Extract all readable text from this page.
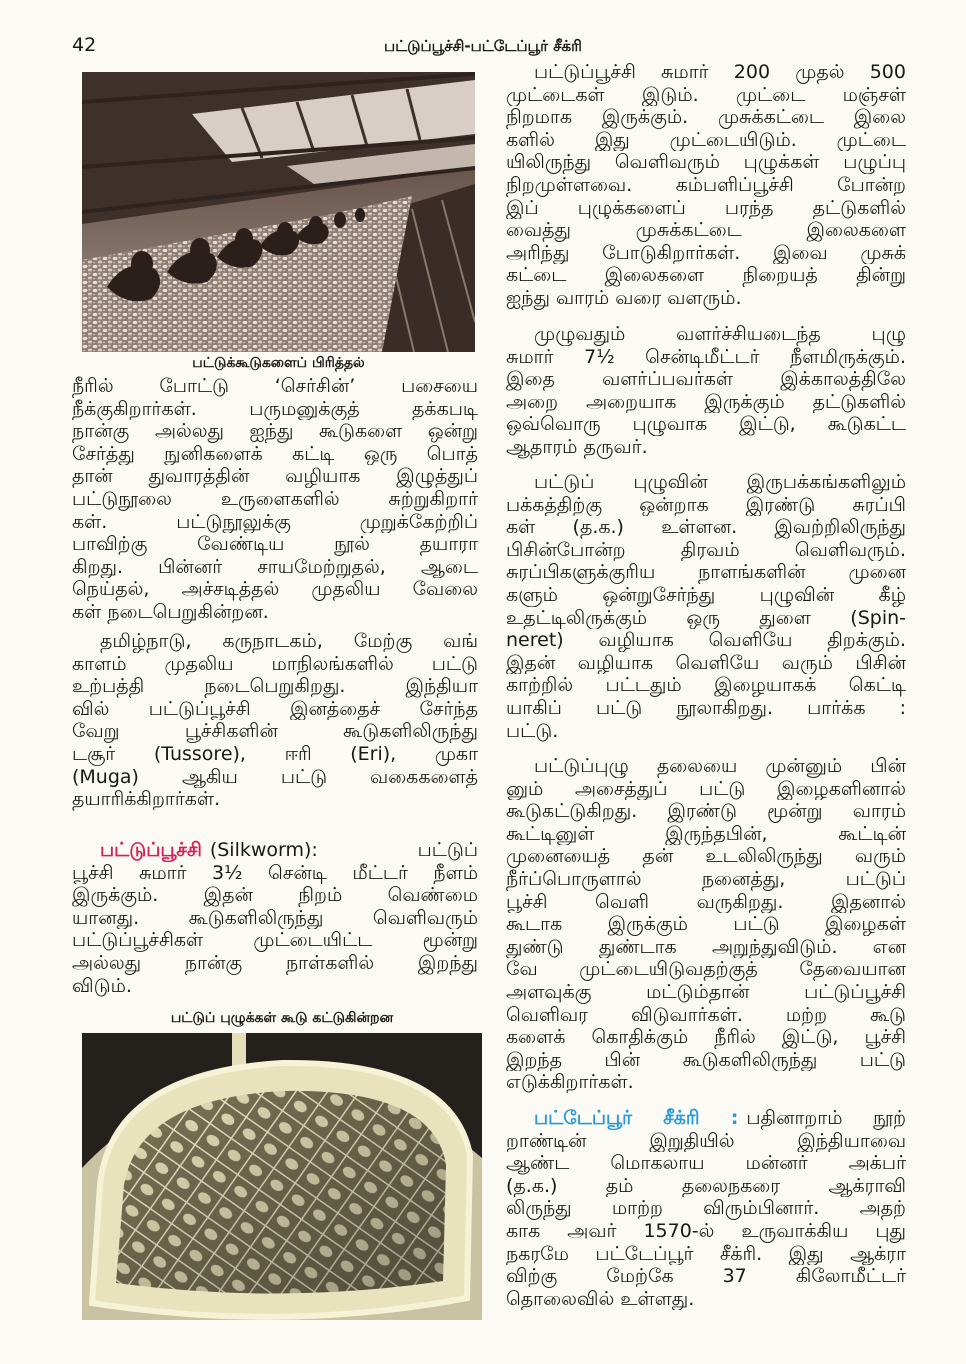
42	பட்டுப்பூச்சி-பட்டேப்பூர் சீக்ரி
பட்டுக்கூடுகளைப் பிரித்தல்
நீரில் போட்டு ‘செர்சின்’ பசையை
நீக்குகிறார்கள். பருமனுக்குத் தக்கபடி
நான்கு அல்லது ஐந்து கூடுகளை ஒன்று
சேர்த்து நுனிகளைக் கட்டி ஒரு பொத்
தான் துவாரத்தின் வழியாக இழுத்துப்
பட்டுநூலை உருளைகளில் சுற்றுகிறார்
கள். பட்டுநூலுக்கு முறுக்கேற்றிப்
பாவிற்கு வேண்டிய நூல் தயாரா
கிறது. பின்னர் சாயமேற்றுதல், ஆடை
நெய்தல், அச்சடித்தல் முதலிய வேலை
கள் நடைபெறுகின்றன.
தமிழ்நாடு, கருநாடகம், மேற்கு வங்
காளம் முதலிய மாநிலங்களில் பட்டு
உற்பத்தி நடைபெறுகிறது. இந்தியா
வில் பட்டுப்பூச்சி இனத்தைச் சேர்ந்த
வேறு பூச்சிகளின் கூடுகளிலிருந்து
டசூர் (Tussore), ஈரி (Eri), முகா
(Muga) ஆகிய பட்டு வகைகளைத்
தயாரிக்கிறார்கள்.
பட்டுப்பூச்சி (Silkworm): பட்டுப்
பூச்சி சுமார் 3½ சென்டி மீட்டர் நீளம்
இருக்கும். இதன் நிறம் வெண்மை
யானது. கூடுகளிலிருந்து வெளிவரும்
பட்டுப்பூச்சிகள் முட்டையிட்ட மூன்று
அல்லது நான்கு நாள்களில் இறந்து
விடும்.
பட்டுப் புழுக்கள் கூடு கட்டுகின்றன
பட்டுப்பூச்சி சுமார் 200 முதல் 500
முட்டைகள் இடும். முட்டை மஞ்சள்
நிறமாக இருக்கும். முசுக்கட்டை இலை
களில் இது முட்டையிடும். முட்டை
யிலிருந்து வெளிவரும் புழுக்கள் பழுப்பு
நிறமுள்ளவை. கம்பளிப்பூச்சி போன்ற
இப் புழுக்களைப் பரந்த தட்டுகளில்
வைத்து முசுக்கட்டை இலைகளை
அரிந்து போடுகிறார்கள். இவை முசுக்
கட்டை இலைகளை நிறையத் தின்று
ஐந்து வாரம் வரை வளரும்.
முழுவதும் வளர்ச்சியடைந்த புழு
சுமார் 7½ சென்டிமீட்டர் நீளமிருக்கும்.
இதை வளர்ப்பவர்கள் இக்காலத்திலே
அறை அறையாக இருக்கும் தட்டுகளில்
ஒவ்வொரு புழுவாக இட்டு, கூடுகட்ட
ஆதாரம் தருவர்.
பட்டுப் புழுவின் இருபக்கங்களிலும்
பக்கத்திற்கு ஒன்றாக இரண்டு சுரப்பி
கள் (த.க.) உள்ளன. இவற்றிலிருந்து
பிசின்போன்ற திரவம் வெளிவரும்.
சுரப்பிகளுக்குரிய நாளங்களின் முனை
களும் ஒன்றுசேர்ந்து புழுவின் கீழ்
உதட்டிலிருக்கும் ஒரு துளை (Spin-
neret) வழியாக வெளியே திறக்கும்.
இதன் வழியாக வெளியே வரும் பிசின்
காற்றில் பட்டதும் இழையாகக் கெட்டி
யாகிப் பட்டு நூலாகிறது. பார்க்க :
பட்டு.
பட்டுப்புழு தலையை முன்னும் பின்
னும் அசைத்துப் பட்டு இழைகளினால்
கூடுகட்டுகிறது. இரண்டு மூன்று வாரம்
கூட்டினுள் இருந்தபின், கூட்டின்
முனையைத் தன் உடலிலிருந்து வரும்
நீர்ப்பொருளால் நனைத்து, பட்டுப்
பூச்சி வெளி வருகிறது. இதனால்
கூடாக இருக்கும் பட்டு இழைகள்
துண்டு துண்டாக அறுந்துவிடும். என
வே முட்டையிடுவதற்குத் தேவையான
அளவுக்கு மட்டும்தான் பட்டுப்பூச்சி
வெளிவர விடுவார்கள். மற்ற கூடு
களைக் கொதிக்கும் நீரில் இட்டு, பூச்சி
இறந்த பின் கூடுகளிலிருந்து பட்டு
எடுக்கிறார்கள்.
பட்டேப்பூர் சீக்ரி : பதினாறாம் நூற்
றாண்டின் இறுதியில் இந்தியாவை
ஆண்ட மொகலாய மன்னர் அக்பர்
(த.க.) தம் தலைநகரை ஆக்ராவி
லிருந்து மாற்ற விரும்பினார். அதற்
காக அவர் 1570-ல் உருவாக்கிய புது
நகரமே பட்டேப்பூர் சீக்ரி. இது ஆக்ரா
விற்கு மேற்கே 37 கிலோமீட்டர்
தொலைவில் உள்ளது.
